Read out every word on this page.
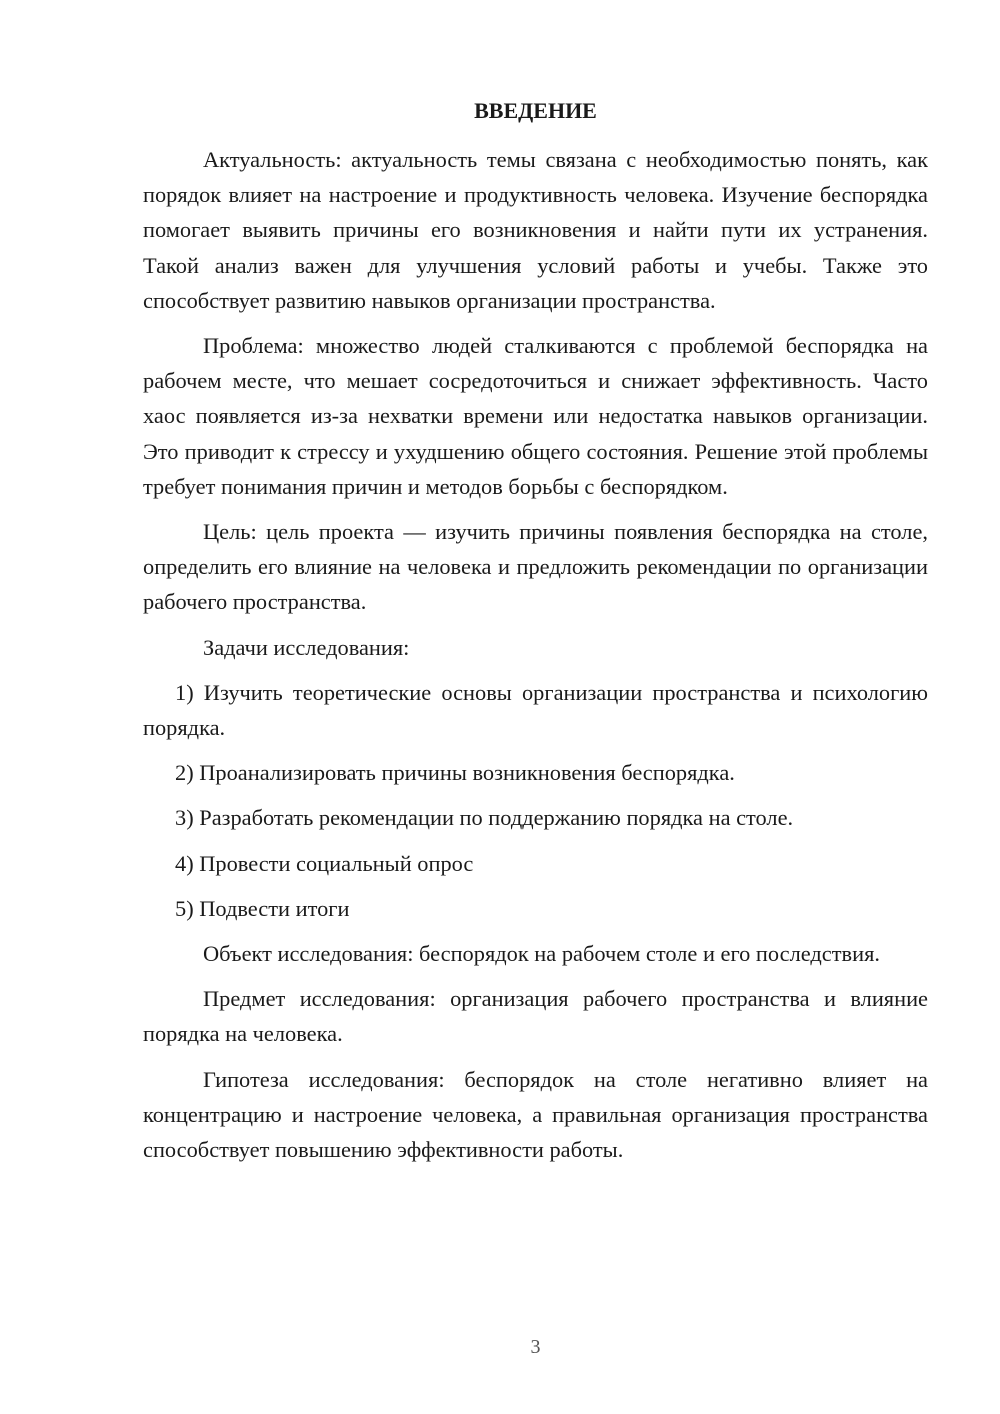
ВВЕДЕНИЕ

Актуальность: актуальность темы связана с необходимостью понять, как порядок влияет на настроение и продуктивность человека. Изучение беспорядка помогает выявить причины его возникновения и найти пути их устранения. Такой анализ важен для улучшения условий работы и учебы. Также это способствует развитию навыков организации пространства.

Проблема: множество людей сталкиваются с проблемой беспорядка на рабочем месте, что мешает сосредоточиться и снижает эффективность. Часто хаос появляется из-за нехватки времени или недостатка навыков организации. Это приводит к стрессу и ухудшению общего состояния. Решение этой проблемы требует понимания причин и методов борьбы с беспорядком.

Цель: цель проекта — изучить причины появления беспорядка на столе, определить его влияние на человека и предложить рекомендации по организации рабочего пространства.

Задачи исследования:

1) Изучить теоретические основы организации пространства и психологию порядка.

2) Проанализировать причины возникновения беспорядка.

3) Разработать рекомендации по поддержанию порядка на столе.

4) Провести социальный опрос

5) Подвести итоги

Объект исследования: беспорядок на рабочем столе и его последствия.

Предмет исследования: организация рабочего пространства и влияние порядка на человека.

Гипотеза исследования: беспорядок на столе негативно влияет на концентрацию и настроение человека, а правильная организация пространства способствует повышению эффективности работы.

3
